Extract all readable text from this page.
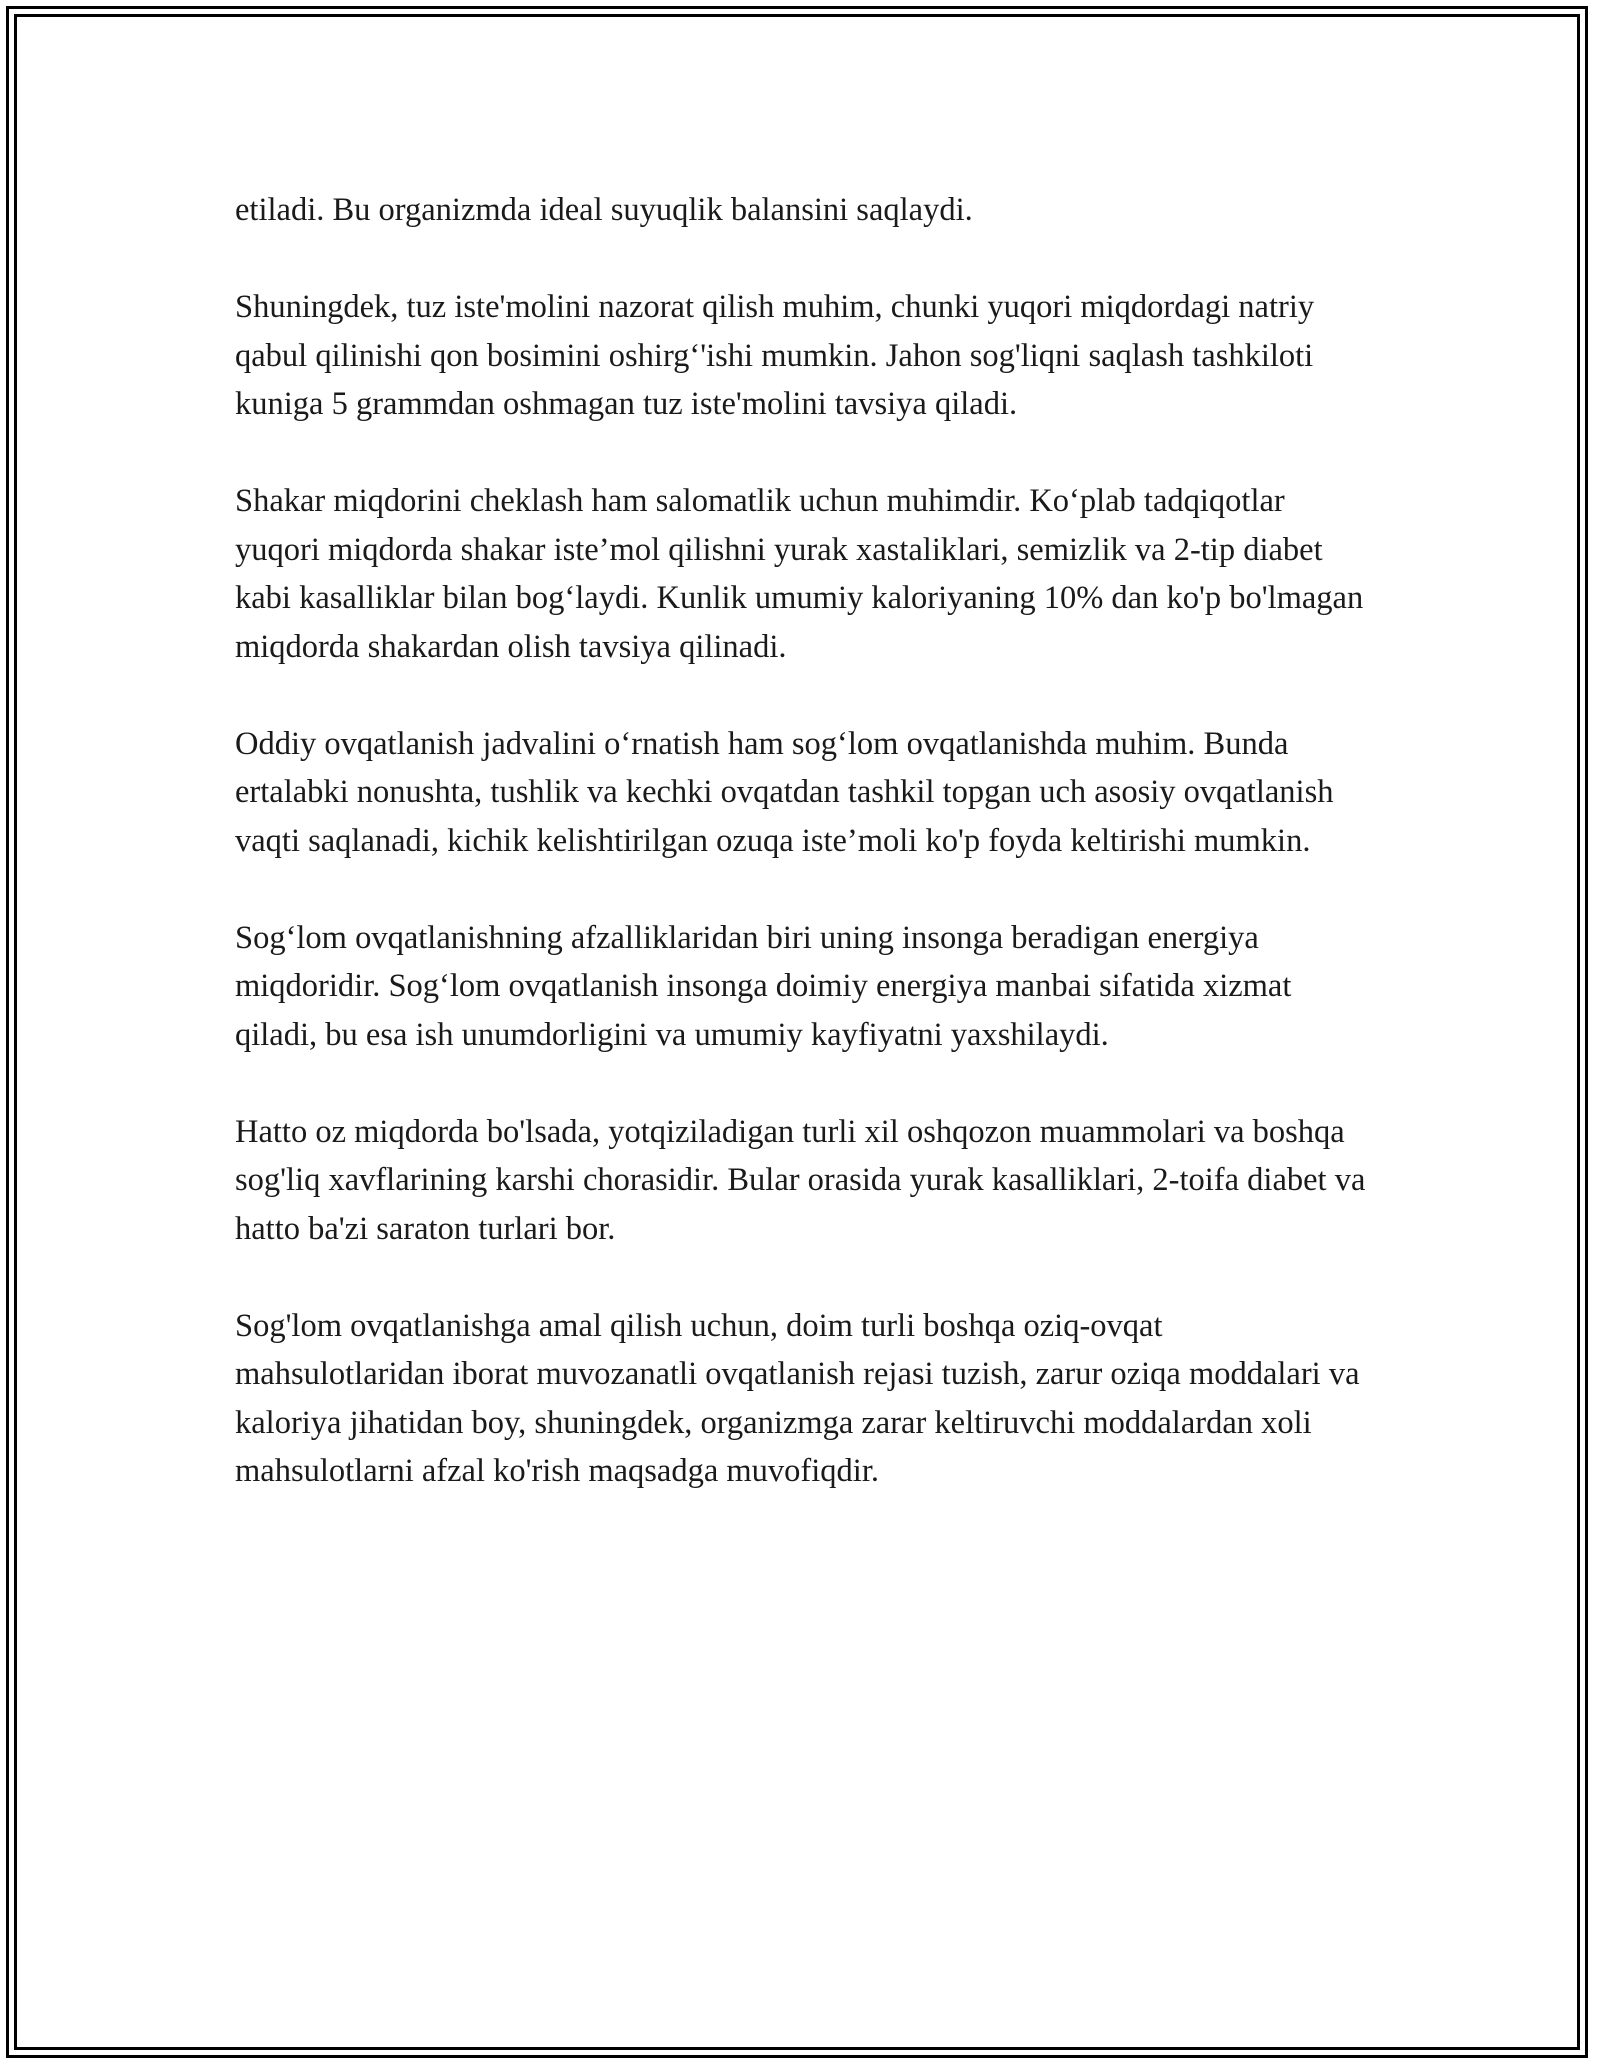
etiladi. Bu organizmda ideal suyuqlik balansini saqlaydi.

Shuningdek, tuz iste'molini nazorat qilish muhim, chunki yuqori miqdordagi natriy qabul qilinishi qon bosimini oshirg‘'ishi mumkin. Jahon sog'liqni saqlash tashkiloti kuniga 5 grammdan oshmagan tuz iste'molini tavsiya qiladi.

Shakar miqdorini cheklash ham salomatlik uchun muhimdir. Ko‘plab tadqiqotlar yuqori miqdorda shakar iste’mol qilishni yurak xastaliklari, semizlik va 2-tip diabet kabi kasalliklar bilan bog‘laydi. Kunlik umumiy kaloriyaning 10% dan ko'p bo'lmagan miqdorda shakardan olish tavsiya qilinadi.

Oddiy ovqatlanish jadvalini o‘rnatish ham sog‘lom ovqatlanishda muhim. Bunda ertalabki nonushta, tushlik va kechki ovqatdan tashkil topgan uch asosiy ovqatlanish vaqti saqlanadi, kichik kelishtirilgan ozuqa iste’moli ko'p foyda keltirishi mumkin.

Sog‘lom ovqatlanishning afzalliklaridan biri uning insonga beradigan energiya miqdoridir. Sog‘lom ovqatlanish insonga doimiy energiya manbai sifatida xizmat qiladi, bu esa ish unumdorligini va umumiy kayfiyatni yaxshilaydi.

Hatto oz miqdorda bo'lsada, yotqiziladigan turli xil oshqozon muammolari va boshqa sog'liq xavflarining karshi chorasidir. Bular orasida yurak kasalliklari, 2-toifa diabet va hatto ba'zi saraton turlari bor.

Sog'lom ovqatlanishga amal qilish uchun, doim turli boshqa oziq-ovqat mahsulotlaridan iborat muvozanatli ovqatlanish rejasi tuzish, zarur oziqa moddalari va kaloriya jihatidan boy, shuningdek, organizmga zarar keltiruvchi moddalardan xoli mahsulotlarni afzal ko'rish maqsadga muvofiqdir.
